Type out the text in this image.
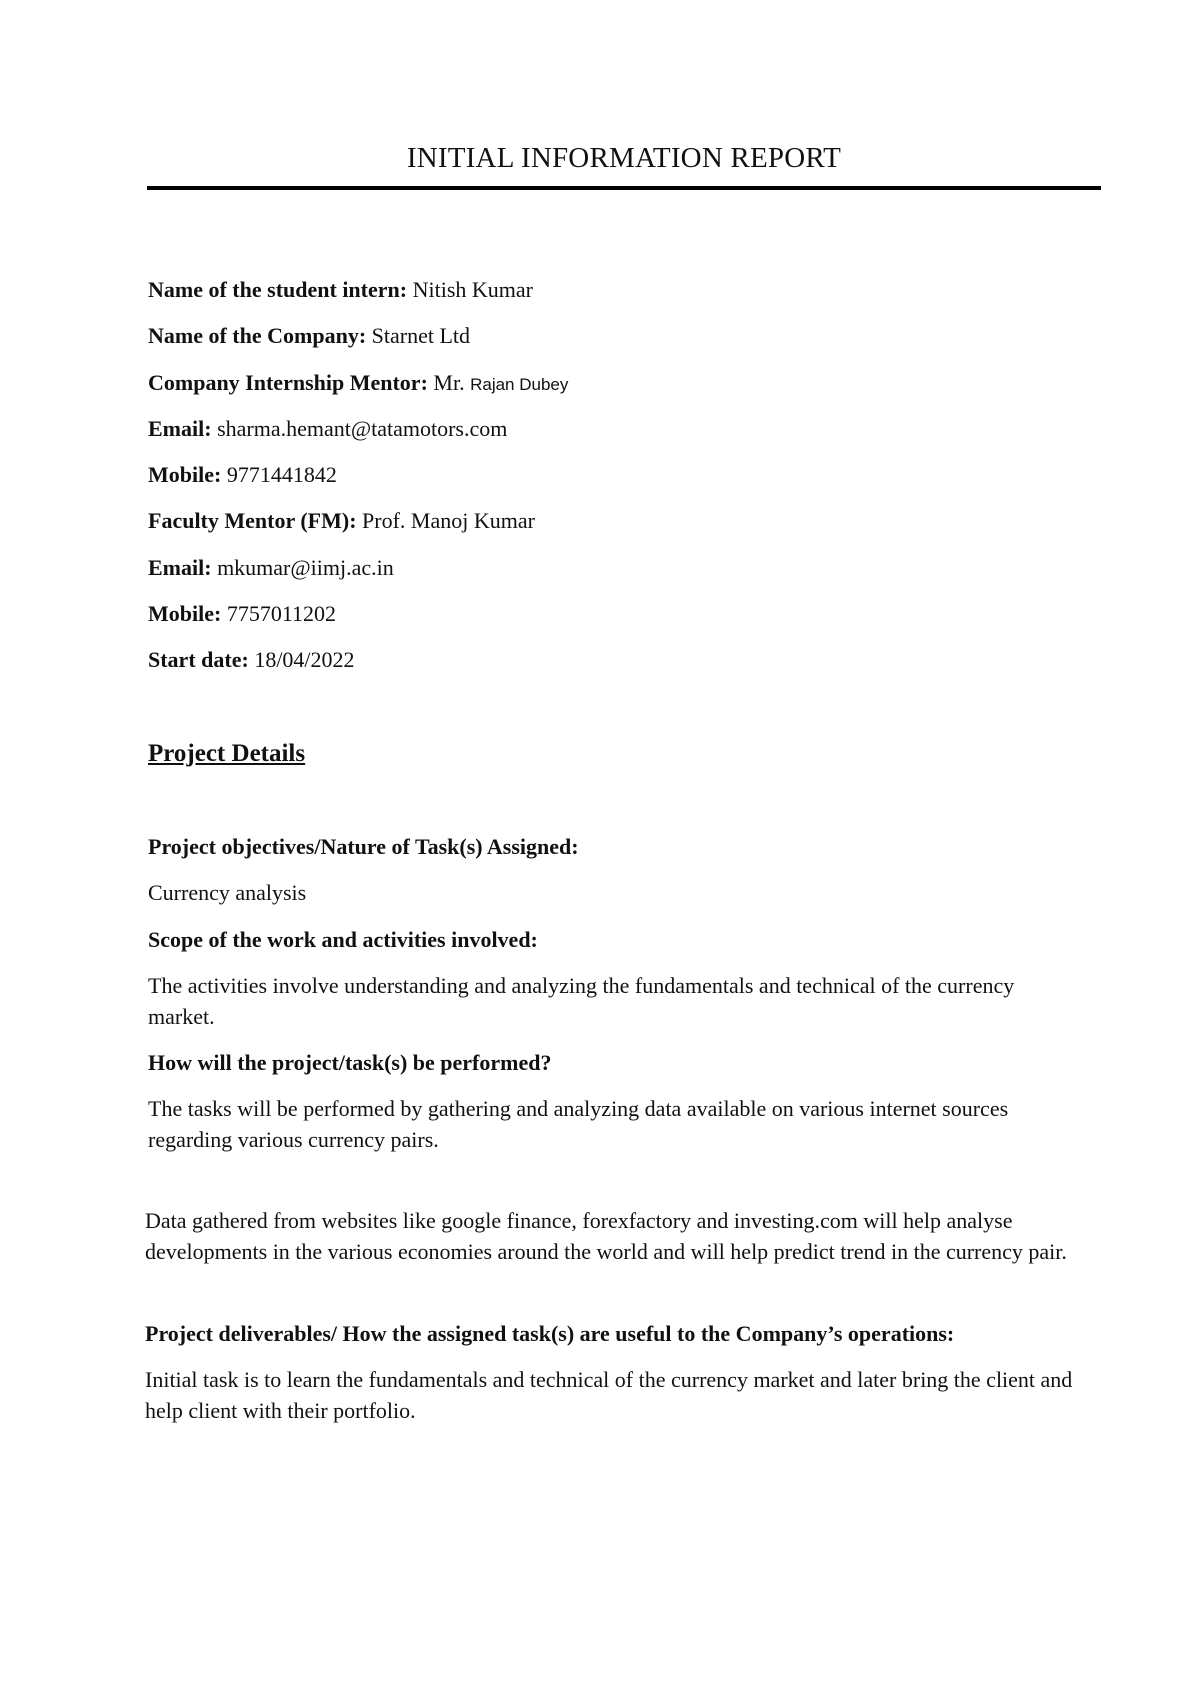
INITIAL INFORMATION REPORT
Name of the student intern: Nitish Kumar
Name of the Company: Starnet Ltd
Company Internship Mentor: Mr. Rajan Dubey
Email: sharma.hemant@tatamotors.com
Mobile: 9771441842
Faculty Mentor (FM): Prof. Manoj Kumar
Email: mkumar@iimj.ac.in
Mobile: 7757011202
Start date: 18/04/2022
Project Details
Project objectives/Nature of Task(s) Assigned:
Currency analysis
Scope of the work and activities involved:
The activities involve understanding and analyzing the fundamentals and technical of the currency market.
How will the project/task(s) be performed?
The tasks will be performed by gathering and analyzing data available on various internet sources regarding various currency pairs.
Data gathered from websites like google finance, forexfactory and investing.com will help analyse developments in the various economies around the world and will help predict trend in the currency pair.
Project deliverables/ How the assigned task(s) are useful to the Company’s operations:
Initial task is to learn the fundamentals and technical of the currency market and later bring the client and help client with their portfolio.
